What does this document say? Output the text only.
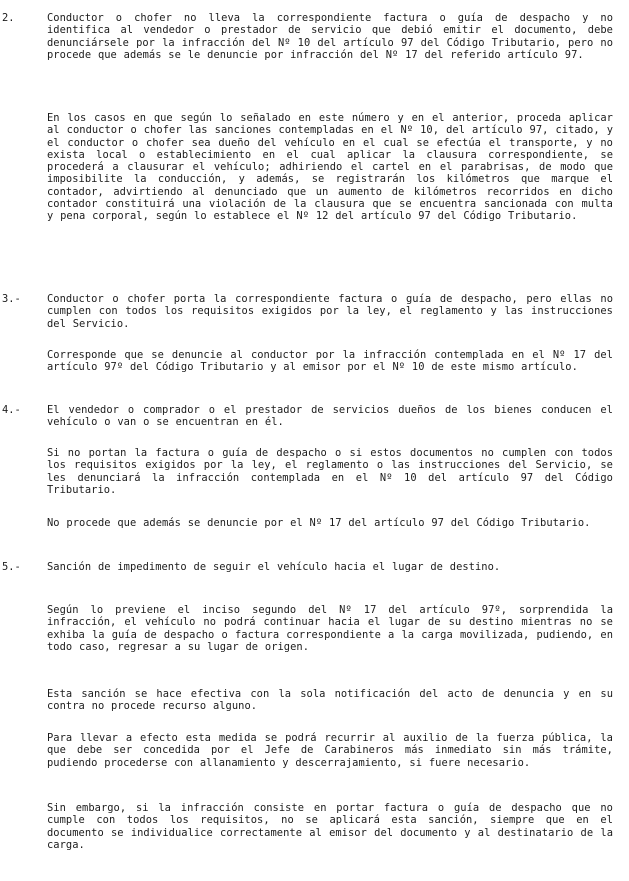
2.	Conductor o chofer no lleva la correspondiente factura o guía de despacho y no identifica al vendedor o prestador de servicio que debió emitir el documento, debe denunciársele por la infracción del Nº 10 del artículo 97 del Código Tributario, pero no procede que además se le denuncie por infracción del Nº 17 del referido artículo 97.

En los casos en que según lo señalado en este número y en el anterior, proceda aplicar al conductor o chofer las sanciones contempladas en el Nº 10, del artículo 97, citado, y el conductor o chofer sea dueño del vehículo en el cual se efectúa el transporte, y no exista local o establecimiento en el cual aplicar la clausura correspondiente, se procederá a clausurar el vehículo; adhiriendo el cartel en el parabrisas, de modo que imposibilite la conducción, y además, se registrarán los kilómetros que marque el contador, advirtiendo al denunciado que un aumento de kilómetros recorridos en dicho contador constituirá una violación de la clausura que se encuentra sancionada con multa y pena corporal, según lo establece el Nº 12 del artículo 97 del Código Tributario.

3.-	Conductor o chofer porta la correspondiente factura o guía de despacho, pero ellas no cumplen con todos los requisitos exigidos por la ley, el reglamento y las instrucciones del Servicio.

Corresponde que se denuncie al conductor por la infracción contemplada en el Nº 17 del artículo 97º del Código Tributario y al emisor por el Nº 10 de este mismo artículo.

4.-	El vendedor o comprador o el prestador de servicios dueños de los bienes conducen el vehículo o van o se encuentran en él.

Si no portan la factura o guía de despacho o si estos documentos no cumplen con todos los requisitos exigidos por la ley, el reglamento o las instrucciones del Servicio, se les denunciará la infracción contemplada en el Nº 10 del artículo 97 del Código Tributario.

No procede que además se denuncie por el Nº 17 del artículo 97 del Código Tributario.

5.-	Sanción de impedimento de seguir el vehículo hacia el lugar de destino.

Según lo previene el inciso segundo del Nº 17 del artículo 97º, sorprendida la infracción, el vehículo no podrá continuar hacia el lugar de su destino mientras no se exhiba la guía de despacho o factura correspondiente a la carga movilizada, pudiendo, en todo caso, regresar a su lugar de origen.

Esta sanción se hace efectiva con la sola notificación del acto de denuncia y en su contra no procede recurso alguno.

Para llevar a efecto esta medida se podrá recurrir al auxilio de la fuerza pública, la que debe ser concedida por el Jefe de Carabineros más inmediato sin más trámite, pudiendo procederse con allanamiento y descerrajamiento, si fuere necesario.

Sin embargo, si la infracción consiste en portar factura o guía de despacho que no cumple con todos los requisitos, no se aplicará esta sanción, siempre que en el documento se individualice correctamente al emisor del documento y al destinatario de la carga.
